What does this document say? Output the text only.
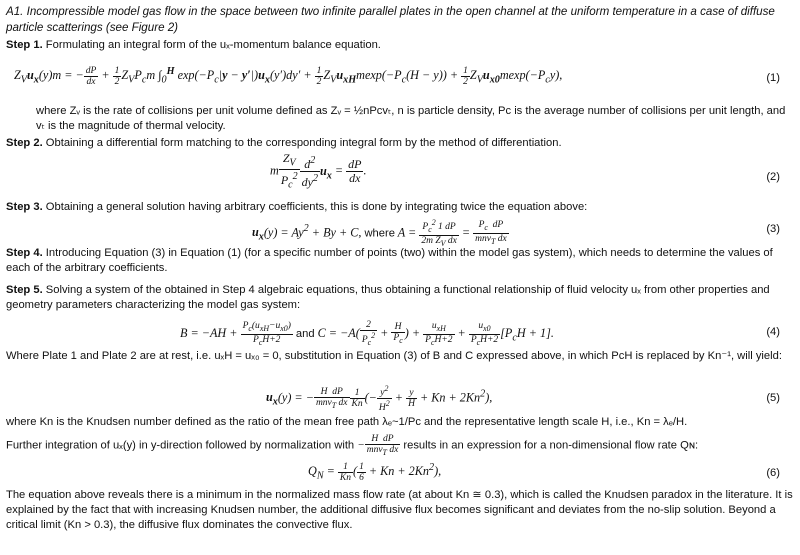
A1. Incompressible model gas flow in the space between two infinite parallel plates in the open channel at the uniform temperature in a case of diffuse particle scatterings (see Figure 2)
Step 1. Formulating an integral form of the uₓ-momentum balance equation.
$Z_Vu_x(y)m$ = − $\frac{dP}{dx} + \frac{1}{2} Z_VP_cm$ $\int_0^H$ $\exp(-P_c|y - y'|)u_x(y')dy' + \frac{1}{2} Z_Vu_{xH}mexp(-P_c(H - y)) + \frac{1}{2} Z_Vu_{x0}mexp(-P_cy)$,	(1)
where Zᵥ is the rate of collisions per unit volume defined as Zᵥ = ½nPᴄvₜ, n is particle density, Pᴄ is the average number of collisions per unit length, and vₜ is the magnitude of thermal velocity.
Step 2. Obtaining a differential form matching to the corresponding integral form by the method of differentiation.
m $\frac{Z_V}{P_c^2} \frac{d^2}{dy^2} u_x = \frac{dP}{dx}$ .	(2)
Step 3. Obtaining a general solution having arbitrary coefficients, this is done by integrating twice the equation above:
$u_x(y) = Ay^2 + By + C$, where $A = \frac{P_c^2 1 dP}{2m Z_V dx} = \frac{P_c dP}{mnv_T dx}$	(3)
Step 4. Introducing Equation (3) in Equation (1) (for a specific number of points (two) within the model gas system), which needs to determine the values of each of the arbitrary coefficients.
Step 5. Solving a system of the obtained in Step 4 algebraic equations, thus obtaining a functional relationship of fluid velocity uₓ from other properties and geometry parameters characterizing the model gas system:
$B = -AH + \frac{P_c(u_{xH}-u_{x0})}{P_cH+2}$ and $C = -A( \frac{2}{P_c^2} + \frac{H}{P_c}$ ) + $\frac{u_{xH}}{P_cH+2} + \frac{u_{x0}}{P_cH+2} [P_cH + 1]$.	(4)
Where Plate 1 and Plate 2 are at rest, i.e. uₓH = uₓ₀ = 0, substitution in Equation (3) of B and C expressed above, in which PᴄH is replaced by Kn⁻¹, will yield:
$u_x(y)$ = − $\frac{\text{H  dP}}{mnv_T dx} \frac{1}{Kn}$ (− $\frac{y^2}{H^2} + \frac{y}{H} + Kn + 2Kn^2$),	(5)
where Kn is the Knudsen number defined as the ratio of the mean free path λₑ~1/Pᴄ and the representative length scale H, i.e., Kn = λₑ/H.
Further integration of uₓ(y) in y-direction followed by normalization with − $\frac{\text{H  dP}}{mnv_T dx}$ results in an expression for a non-dimensional flow rate Qɴ:
$Q_N = \frac{1}{Kn}$ ( $\frac{1}{6} + Kn + 2Kn^2$),	(6)
The equation above reveals there is a minimum in the normalized mass flow rate (at about Kn ≅ 0.3), which is called the Knudsen paradox in the literature. It is explained by the fact that with increasing Knudsen number, the additional diffusive flux becomes significant and deviates from the no-slip solution. Beyond a critical limit (Kn > 0.3), the diffusive flux dominates the convective flux.
